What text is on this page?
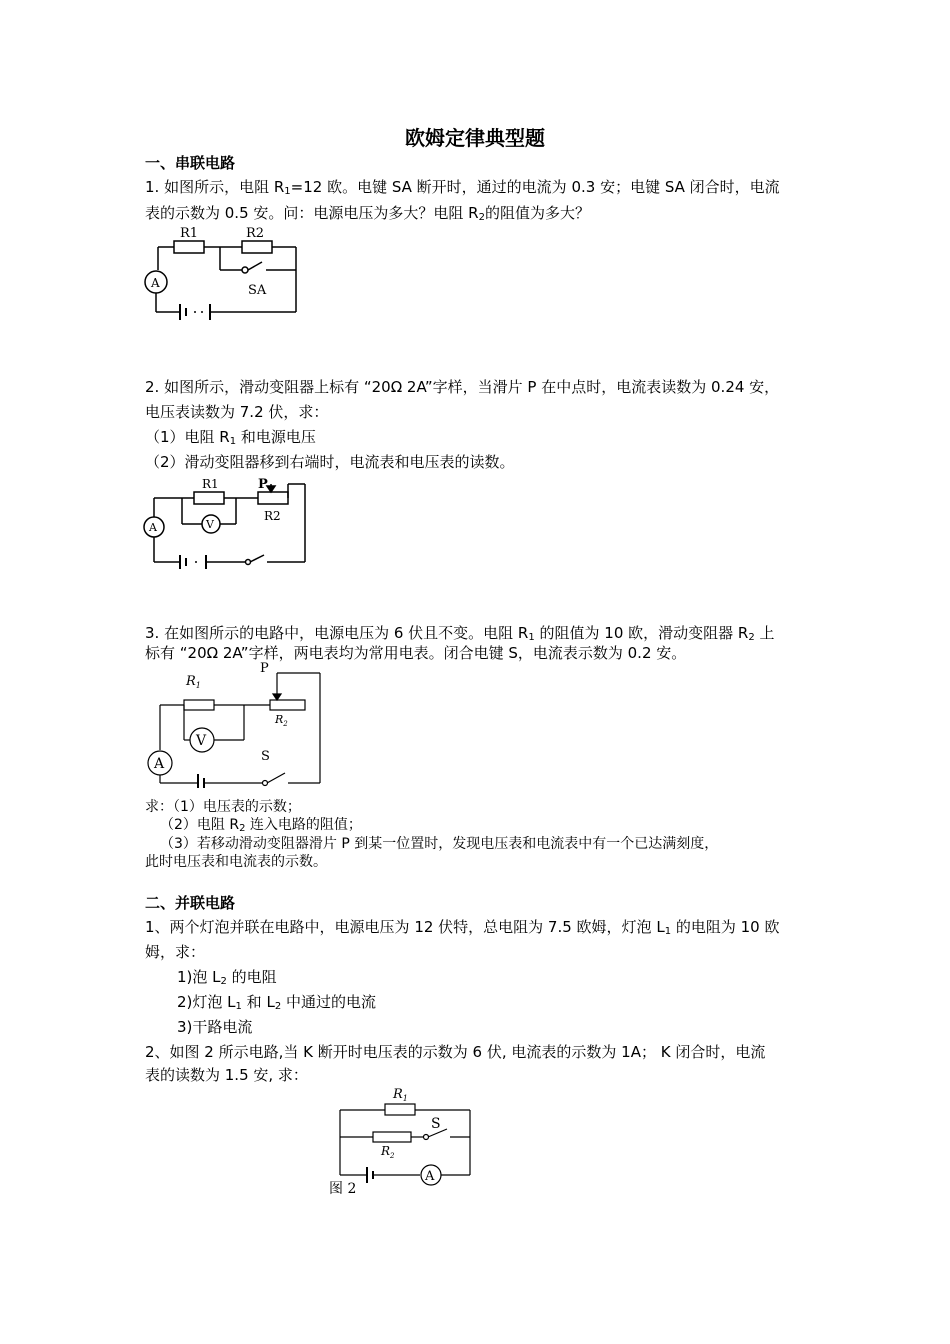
欧姆定律典型题
一、串联电路
1. 如图所示，电阻 $R_1=12$ 欧。电键 SA 断开时，通过的电流为 0.3 安；电键 SA 闭合时，电流
表的示数为 0.5 安。问：电源电压为多大？电阻 $R_2$的阻值为多大？
R1	R2
A	SA
2. 如图所示，滑动变阻器上标有 “20Ω 2A”字样，当滑片 P 在中点时，电流表读数为 0.24 安，
电压表读数为 7.2 伏，求：
（1）电阻 $R_1$ 和电源电压
（2）滑动变阻器移到右端时，电流表和电压表的读数。
R1	P
R2
A	V
3. 在如图所示的电路中，电源电压为 6 伏且不变。电阻 $R_1$ 的阻值为 10 欧，滑动变阻器 $R_2$ 上
标有 “20Ω 2A”字样，两电表均为常用电表。闭合电键 S，电流表示数为 0.2 安。
$R_1$
P
$R_2$
V
A	S
求：（1）电压表的示数；
（2）电阻 $R_2$ 连入电路的阻值；
（3）若移动滑动变阻器滑片 P 到某一位置时，发现电压表和电流表中有一个已达满刻度，
此时电压表和电流表的示数。
二、并联电路
1、两个灯泡并联在电路中，电源电压为 12 伏特，总电阻为 7.5 欧姆，灯泡 $L_1$ 的电阻为 10 欧
姆，求：
1)泡 $L_2$ 的电阻
2)灯泡 $L_1$ 和 $L_2$ 中通过的电流
3)干路电流
2、如图 2 所示电路,当 K 断开时电压表的示数为 6 伏, 电流表的示数为 1A； K 闭合时，电流
表的读数为 1.5 安, 求：
$R_1$
S
$R_2$
A
图 2
